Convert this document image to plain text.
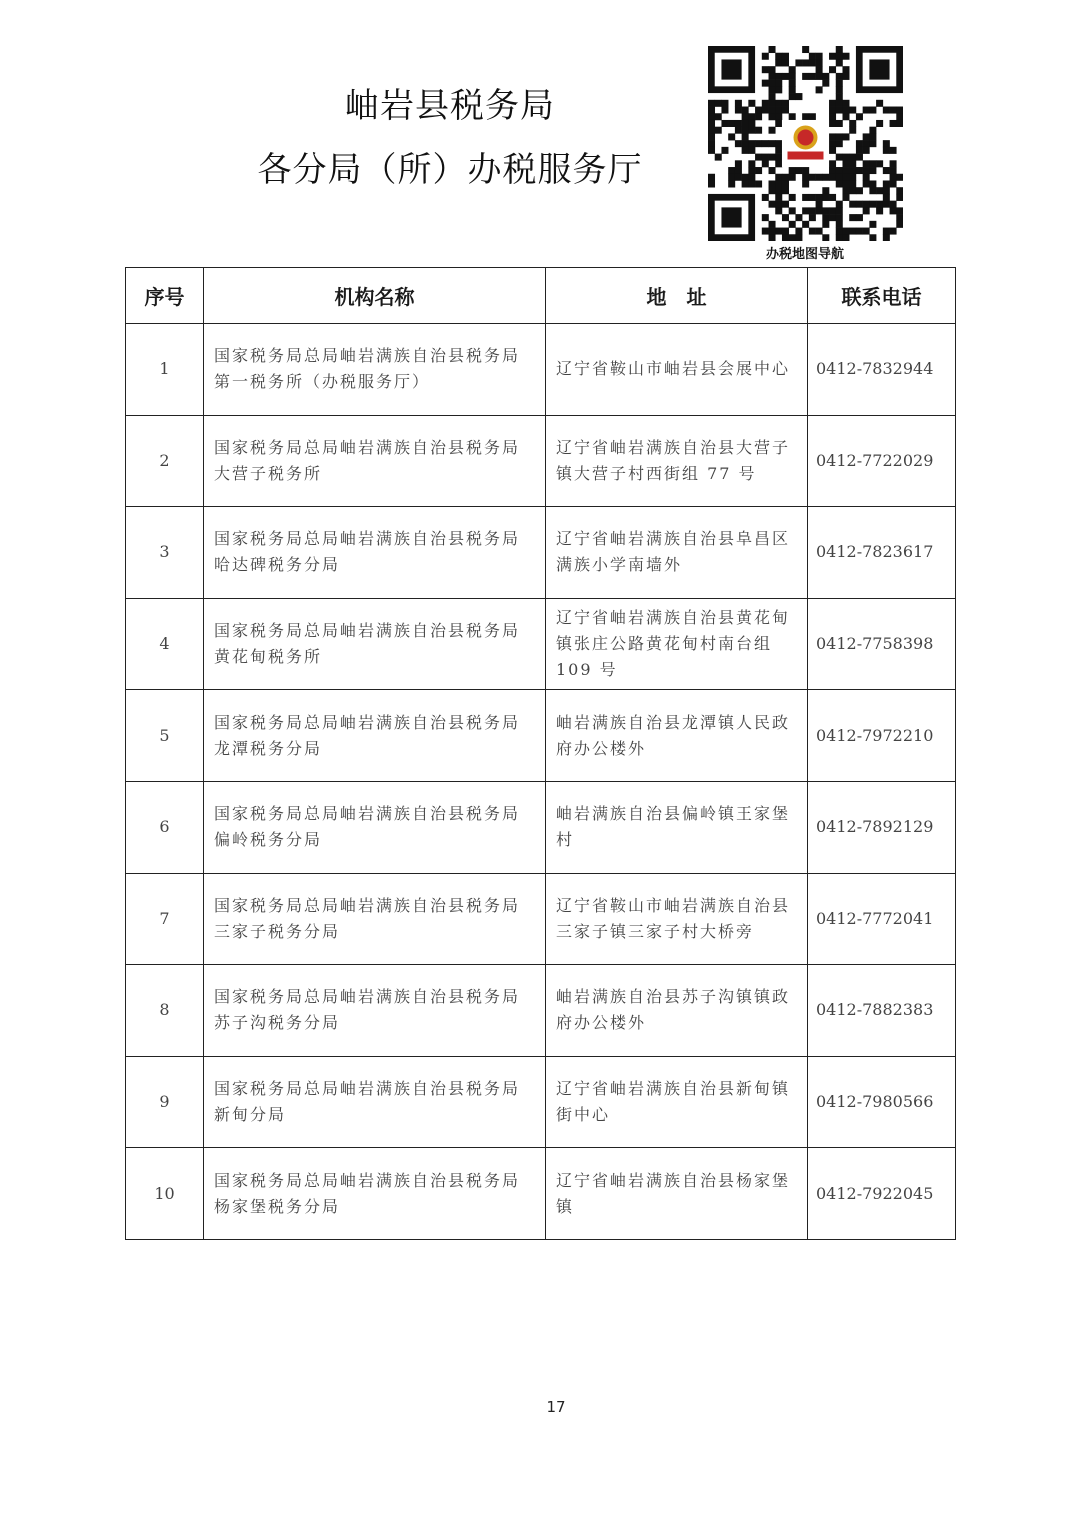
岫岩县税务局
各分局（所）办税服务厅
办税地图导航
序号	机构名称	地　址	联系电话
1	国家税务局总局岫岩满族自治县税务局第一税务所（办税服务厅）	辽宁省鞍山市岫岩县会展中心	0412-7832944
2	国家税务局总局岫岩满族自治县税务局大营子税务所	辽宁省岫岩满族自治县大营子镇大营子村西街组 77 号	0412-7722029
3	国家税务局总局岫岩满族自治县税务局哈达碑税务分局	辽宁省岫岩满族自治县阜昌区满族小学南墙外	0412-7823617
4	国家税务局总局岫岩满族自治县税务局黄花甸税务所	辽宁省岫岩满族自治县黄花甸镇张庄公路黄花甸村南台组109 号	0412-7758398
5	国家税务局总局岫岩满族自治县税务局龙潭税务分局	岫岩满族自治县龙潭镇人民政府办公楼外	0412-7972210
6	国家税务局总局岫岩满族自治县税务局偏岭税务分局	岫岩满族自治县偏岭镇王家堡村	0412-7892129
7	国家税务局总局岫岩满族自治县税务局三家子税务分局	辽宁省鞍山市岫岩满族自治县三家子镇三家子村大桥旁	0412-7772041
8	国家税务局总局岫岩满族自治县税务局苏子沟税务分局	岫岩满族自治县苏子沟镇镇政府办公楼外	0412-7882383
9	国家税务局总局岫岩满族自治县税务局新甸分局	辽宁省岫岩满族自治县新甸镇街中心	0412-7980566
10	国家税务局总局岫岩满族自治县税务局杨家堡税务分局	辽宁省岫岩满族自治县杨家堡镇	0412-7922045
17
